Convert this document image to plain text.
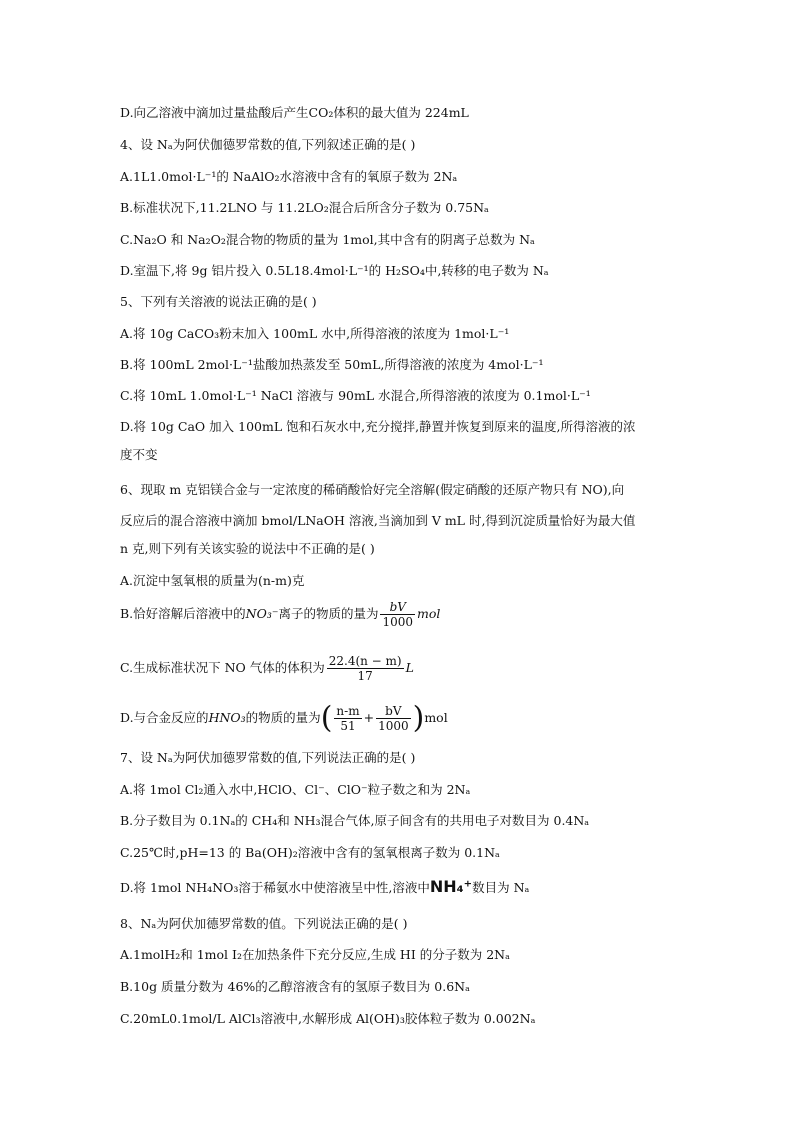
D.向乙溶液中滴加过量盐酸后产生CO₂体积的最大值为 224mL
4、设 Nₐ为阿伏伽德罗常数的值,下列叙述正确的是( )
A.1L1.0mol·L⁻¹的 NaAlO₂水溶液中含有的氧原子数为 2Nₐ
B.标准状况下,11.2LNO 与 11.2LO₂混合后所含分子数为 0.75Nₐ
C.Na₂O 和 Na₂O₂混合物的物质的量为 1mol,其中含有的阴离子总数为 Nₐ
D.室温下,将 9g 铝片投入 0.5L18.4mol·L⁻¹的 H₂SO₄中,转移的电子数为 Nₐ
5、下列有关溶液的说法正确的是( )
A.将 10g CaCO₃粉末加入 100mL 水中,所得溶液的浓度为 1mol·L⁻¹
B.将 100mL 2mol·L⁻¹盐酸加热蒸发至 50mL,所得溶液的浓度为 4mol·L⁻¹
C.将 10mL 1.0mol·L⁻¹ NaCl 溶液与 90mL 水混合,所得溶液的浓度为 0.1mol·L⁻¹
D.将 10g CaO 加入 100mL 饱和石灰水中,充分搅拌,静置并恢复到原来的温度,所得溶液的浓
度不变
6、现取 m 克铝镁合金与一定浓度的稀硝酸恰好完全溶解(假定硝酸的还原产物只有 NO),向
反应后的混合溶液中滴加 bmol/LNaOH 溶液,当滴加到 V mL 时,得到沉淀质量恰好为最大值
n 克,则下列有关该实验的说法中不正确的是( )
A.沉淀中氢氧根的质量为(n-m)克
B.恰好溶解后溶液中的NO₃⁻离子的物质的量为 $\frac{bV}{1000}$ mol
C.生成标准状况下 NO 气体的体积为 $\frac{22.4(n - m)}{17}$ L
D.与合金反应的HNO₃的物质的量为( $\frac{n-m}{51} + \frac{bV}{1000} )mol$
7、设 Nₐ为阿伏加德罗常数的值,下列说法正确的是( )
A.将 1mol Cl₂通入水中,HClO、Cl⁻、ClO⁻粒子数之和为 2Nₐ
B.分子数目为 0.1Nₐ的 CH₄和 NH₃混合气体,原子间含有的共用电子对数目为 0.4Nₐ
C.25℃时,pH=13 的 Ba(OH)₂溶液中含有的氢氧根离子数为 0.1Nₐ
D.将 1mol NH₄NO₃溶于稀氨水中使溶液呈中性,溶液中NH₄⁺数目为 Nₐ
8、Nₐ为阿伏加德罗常数的值。下列说法正确的是( )
A.1molH₂和 1mol I₂在加热条件下充分反应,生成 HI 的分子数为 2Nₐ
B.10g 质量分数为 46%的乙醇溶液含有的氢原子数目为 0.6Nₐ
C.20mL0.1mol/L AlCl₃溶液中,水解形成 Al(OH)₃胶体粒子数为 0.002Nₐ
